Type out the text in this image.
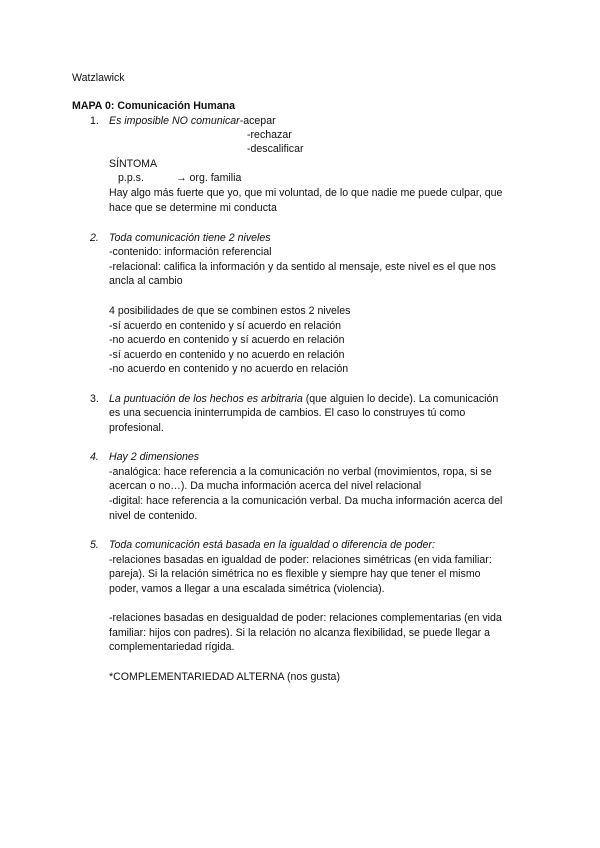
Watzlawick
MAPA 0: Comunicación Humana
1. Es imposible NO comunicar-acepar
-rechazar
-descalificar
SÍNTOMA
p.p.s.	→ org. familia
Hay algo más fuerte que yo, que mi voluntad, de lo que nadie me puede culpar, que
hace que se determine mi conducta
2. Toda comunicación tiene 2 niveles
-contenido: información referencial
-relacional: califica la información y da sentido al mensaje, este nivel es el que nos
ancla al cambio
4 posibilidades de que se combinen estos 2 niveles
-sí acuerdo en contenido y sí acuerdo en relación
-no acuerdo en contenido y sí acuerdo en relación
-sí acuerdo en contenido y no acuerdo en relación
-no acuerdo en contenido y no acuerdo en relación
3. La puntuación de los hechos es arbitraria (que alguien lo decide). La comunicación
es una secuencia ininterrumpida de cambios. El caso lo construyes tú como
profesional.
4. Hay 2 dimensiones
-analógica: hace referencia a la comunicación no verbal (movimientos, ropa, si se
acercan o no…). Da mucha información acerca del nivel relacional
-digital: hace referencia a la comunicación verbal. Da mucha información acerca del
nivel de contenido.
5. Toda comunicación está basada en la igualdad o diferencia de poder:
-relaciones basadas en igualdad de poder: relaciones simétricas (en vida familiar:
pareja). Si la relación simétrica no es flexible y siempre hay que tener el mismo
poder, vamos a llegar a una escalada simétrica (violencia).
-relaciones basadas en desigualdad de poder: relaciones complementarias (en vida
familiar: hijos con padres). Si la relación no alcanza flexibilidad, se puede llegar a
complementariedad rígida.
*COMPLEMENTARIEDAD ALTERNA (nos gusta)
